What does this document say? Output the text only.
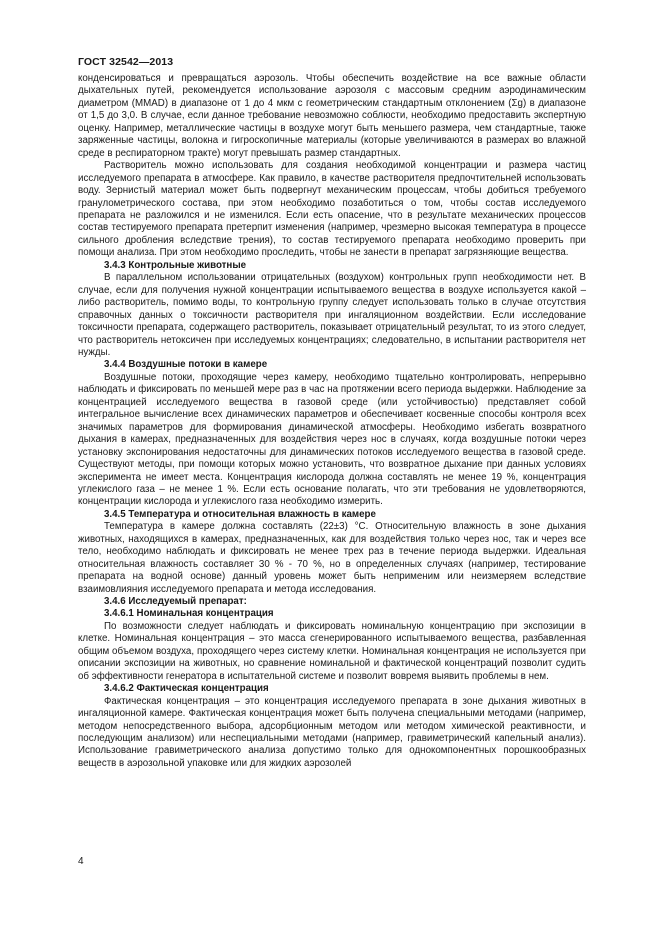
ГОСТ 32542—2013

конденсироваться и превращаться аэрозоль. Чтобы обеспечить воздействие на все важные области дыхательных путей, рекомендуется использование аэрозоля с массовым средним аэродинамическим диаметром (MMAD) в диапазоне от 1 до 4 мкм с геометрическим стандартным отклонением (Σg) в диапазоне от 1,5 до 3,0. В случае, если данное требование невозможно соблюсти, необходимо предоставить экспертную оценку. Например, металлические частицы в воздухе могут быть меньшего размера, чем стандартные, также заряженные частицы, волокна и гигроскопичные материалы (которые увеличиваются в размерах во влажной среде в респираторном тракте) могут превышать размер стандартных.

Растворитель можно использовать для создания необходимой концентрации и размера частиц исследуемого препарата в атмосфере. Как правило, в качестве растворителя предпочтительней использовать воду. Зернистый материал может быть подвергнут механическим процессам, чтобы добиться требуемого гранулометрического состава, при этом необходимо позаботиться о том, чтобы состав исследуемого препарата не разложился и не изменился. Если есть опасение, что в результате механических процессов состав тестируемого препарата претерпит изменения (например, чрезмерно высокая температура в процессе сильного дробления вследствие трения), то состав тестируемого препарата необходимо проверить при помощи анализа. При этом необходимо проследить, чтобы не занести в препарат загрязняющие вещества.

3.4.3 Контрольные животные

В параллельном использовании отрицательных (воздухом) контрольных групп необходимости нет. В случае, если для получения нужной концентрации испытываемого вещества в воздухе используется какой – либо растворитель, помимо воды, то контрольную группу следует использовать только в случае отсутствия справочных данных о токсичности растворителя при ингаляционном воздействии. Если исследование токсичности препарата, содержащего растворитель, показывает отрицательный результат, то из этого следует, что растворитель нетоксичен при исследуемых концентрациях; следовательно, в испытании растворителя нет нужды.

3.4.4 Воздушные потоки в камере

Воздушные потоки, проходящие через камеру, необходимо тщательно контролировать, непрерывно наблюдать и фиксировать по меньшей мере раз в час на протяжении всего периода выдержки. Наблюдение за концентрацией исследуемого вещества в газовой среде (или устойчивостью) представляет собой интегральное вычисление всех динамических параметров и обеспечивает косвенные способы контроля всех значимых параметров для формирования динамической атмосферы. Необходимо избегать возвратного дыхания в камерах, предназначенных для воздействия через нос в случаях, когда воздушные потоки через установку экспонирования недостаточны для динамических потоков исследуемого вещества в газовой среде. Существуют методы, при помощи которых можно установить, что возвратное дыхание при данных условиях эксперимента не имеет места. Концентрация кислорода должна составлять не менее 19 %, концентрация углекислого газа – не менее 1 %. Если есть основание полагать, что эти требования не удовлетворяются, концентрации кислорода и углекислого газа необходимо измерить.

3.4.5 Температура и относительная влажность в камере

Температура в камере должна составлять (22±3) °С. Относительную влажность в зоне дыхания животных, находящихся в камерах, предназначенных, как для воздействия только через нос, так и через все тело, необходимо наблюдать и фиксировать не менее трех раз в течение периода выдержки. Идеальная относительная влажность составляет 30 % - 70 %, но в определенных случаях (например, тестирование препарата на водной основе) данный уровень может быть неприменим или неизмеряем вследствие взаимовлияния исследуемого препарата и метода исследования.

3.4.6 Исследуемый препарат:

3.4.6.1 Номинальная концентрация

По возможности следует наблюдать и фиксировать номинальную концентрацию при экспозиции в клетке. Номинальная концентрация – это масса сгенерированного испытываемого вещества, разбавленная общим объемом воздуха, проходящего через систему клетки. Номинальная концентрация не используется при описании экспозиции на животных, но сравнение номинальной и фактической концентраций позволит судить об эффективности генератора в испытательной системе и позволит вовремя выявить проблемы в нем.

3.4.6.2 Фактическая концентрация

Фактическая концентрация – это концентрация исследуемого препарата в зоне дыхания животных в ингаляционной камере. Фактическая концентрация может быть получена специальными методами (например, методом непосредственного выбора, адсорбционным методом или методом химической реактивности, и последующим анализом) или неспециальными методами (например, гравиметрический капельный анализ). Использование гравиметрического анализа допустимо только для однокомпонентных порошкообразных веществ в аэрозольной упаковке или для жидких аэрозолей

4
